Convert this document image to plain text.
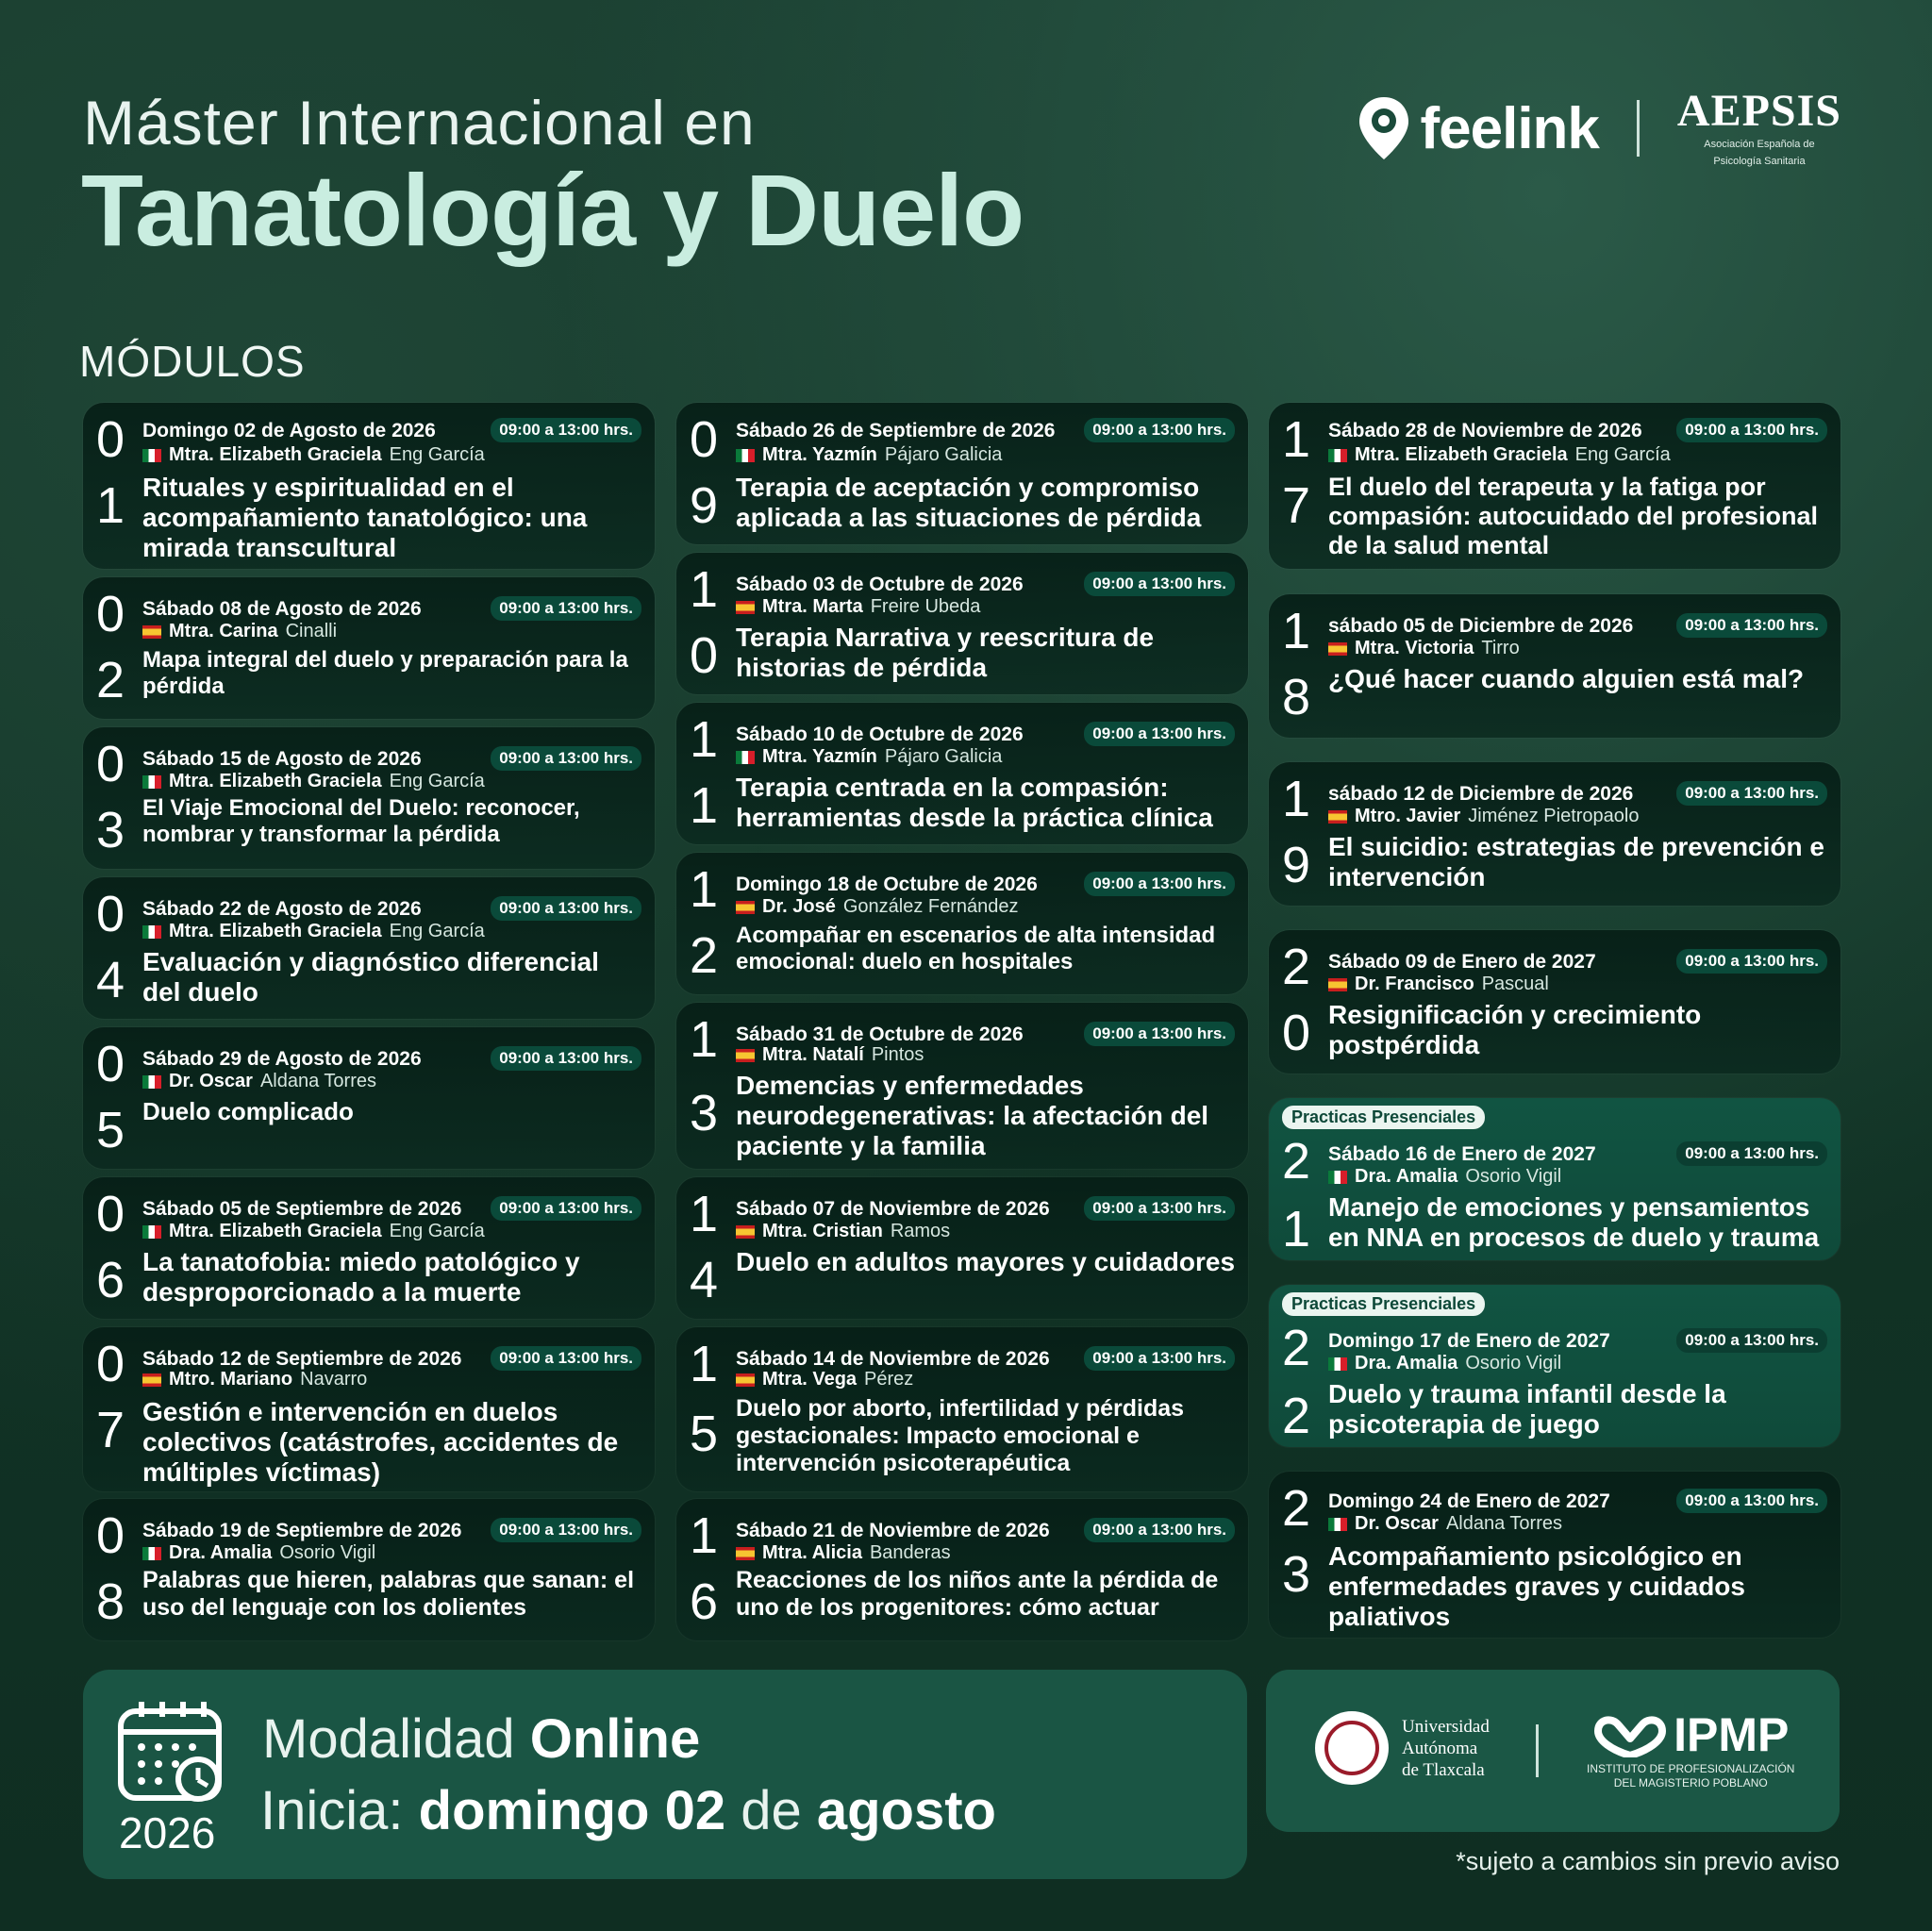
Máster Internacional en
Tanatología y Duelo
feelink AEPSIS
Asociación Española de
Psicología Sanitaria
MÓDULOS
0
1
Domingo 02 de Agosto de 2026	09:00 a 13:00 hrs.
Mtra. Elizabeth Graciela Eng García
Rituales y espiritualidad en el acompañamiento tanatológico: una mirada transcultural
0
2
Sábado 08 de Agosto de 2026	09:00 a 13:00 hrs.
Mtra. Carina Cinalli
Mapa integral del duelo y preparación para la pérdida
0
3
Sábado 15 de Agosto de 2026	09:00 a 13:00 hrs.
Mtra. Elizabeth Graciela Eng García
El Viaje Emocional del Duelo: reconocer, nombrar y transformar la pérdida
0
4
Sábado 22 de Agosto de 2026	09:00 a 13:00 hrs.
Mtra. Elizabeth Graciela Eng García
Evaluación y diagnóstico diferencial del duelo
0
5
Sábado 29 de Agosto de 2026	09:00 a 13:00 hrs.
Dr. Oscar Aldana Torres
Duelo complicado
0
6
Sábado 05 de Septiembre de 2026	09:00 a 13:00 hrs.
Mtra. Elizabeth Graciela Eng García
La tanatofobia: miedo patológico y desproporcionado a la muerte
0
7
Sábado 12 de Septiembre de 2026	09:00 a 13:00 hrs.
Mtro. Mariano Navarro
Gestión e intervención en duelos colectivos (catástrofes, accidentes de múltiples víctimas)
0
8
Sábado 19 de Septiembre de 2026	09:00 a 13:00 hrs.
Dra. Amalia Osorio Vigil
Palabras que hieren, palabras que sanan: el uso del lenguaje con los dolientes
0
9
Sábado 26 de Septiembre de 2026	09:00 a 13:00 hrs.
Mtra. Yazmín Pájaro Galicia
Terapia de aceptación y compromiso aplicada a las situaciones de pérdida
1
0
Sábado 03 de Octubre de 2026	09:00 a 13:00 hrs.
Mtra. Marta Freire Ubeda
Terapia Narrativa y reescritura de historias de pérdida
1
1
Sábado 10 de Octubre de 2026	09:00 a 13:00 hrs.
Mtra. Yazmín Pájaro Galicia
Terapia centrada en la compasión: herramientas desde la práctica clínica
1
2
Domingo 18 de Octubre de 2026	09:00 a 13:00 hrs.
Dr. José González Fernández
Acompañar en escenarios de alta intensidad emocional: duelo en hospitales
1
3
Sábado 31 de Octubre de 2026	09:00 a 13:00 hrs.
Mtra. Natalí Pintos
Demencias y enfermedades neurodegenerativas: la afectación del paciente y la familia
1
4
Sábado 07 de Noviembre de 2026	09:00 a 13:00 hrs.
Mtra. Cristian Ramos
Duelo en adultos mayores y cuidadores
1
5
Sábado 14 de Noviembre de 2026	09:00 a 13:00 hrs.
Mtra. Vega Pérez
Duelo por aborto, infertilidad y pérdidas gestacionales: Impacto emocional e intervención psicoterapéutica
1
6
Sábado 21 de Noviembre de 2026	09:00 a 13:00 hrs.
Mtra. Alicia Banderas
Reacciones de los niños ante la pérdida de uno de los progenitores: cómo actuar
1
7
Sábado 28 de Noviembre de 2026	09:00 a 13:00 hrs.
Mtra. Elizabeth Graciela Eng García
El duelo del terapeuta y la fatiga por compasión: autocuidado del profesional de la salud mental
1
8
sábado 05 de Diciembre de 2026	09:00 a 13:00 hrs.
Mtra. Victoria Tirro
¿Qué hacer cuando alguien está mal?
1
9
sábado 12 de Diciembre de 2026	09:00 a 13:00 hrs.
Mtro. Javier Jiménez Pietropaolo
El suicidio: estrategias de prevención e intervención
2
0
Sábado 09 de Enero de 2027	09:00 a 13:00 hrs.
Dr. Francisco Pascual
Resignificación y crecimiento postpérdida
Practicas Presenciales
2
1
Sábado 16 de Enero de 2027	09:00 a 13:00 hrs.
Dra. Amalia Osorio Vigil
Manejo de emociones y pensamientos en NNA en procesos de duelo y trauma
Practicas Presenciales
2
2
Domingo 17 de Enero de 2027	09:00 a 13:00 hrs.
Dra. Amalia Osorio Vigil
Duelo y trauma infantil desde la psicoterapia de juego
2
3
Domingo 24 de Enero de 2027	09:00 a 13:00 hrs.
Dr. Oscar Aldana Torres
Acompañamiento psicológico en enfermedades graves y cuidados paliativos
2026
Modalidad Online
Inicia: domingo 02 de agosto
Universidad
Autónoma
de Tlaxcala
IPMP
INSTITUTO DE PROFESIONALIZACIÓN
DEL MAGISTERIO POBLANO
*sujeto a cambios sin previo aviso
